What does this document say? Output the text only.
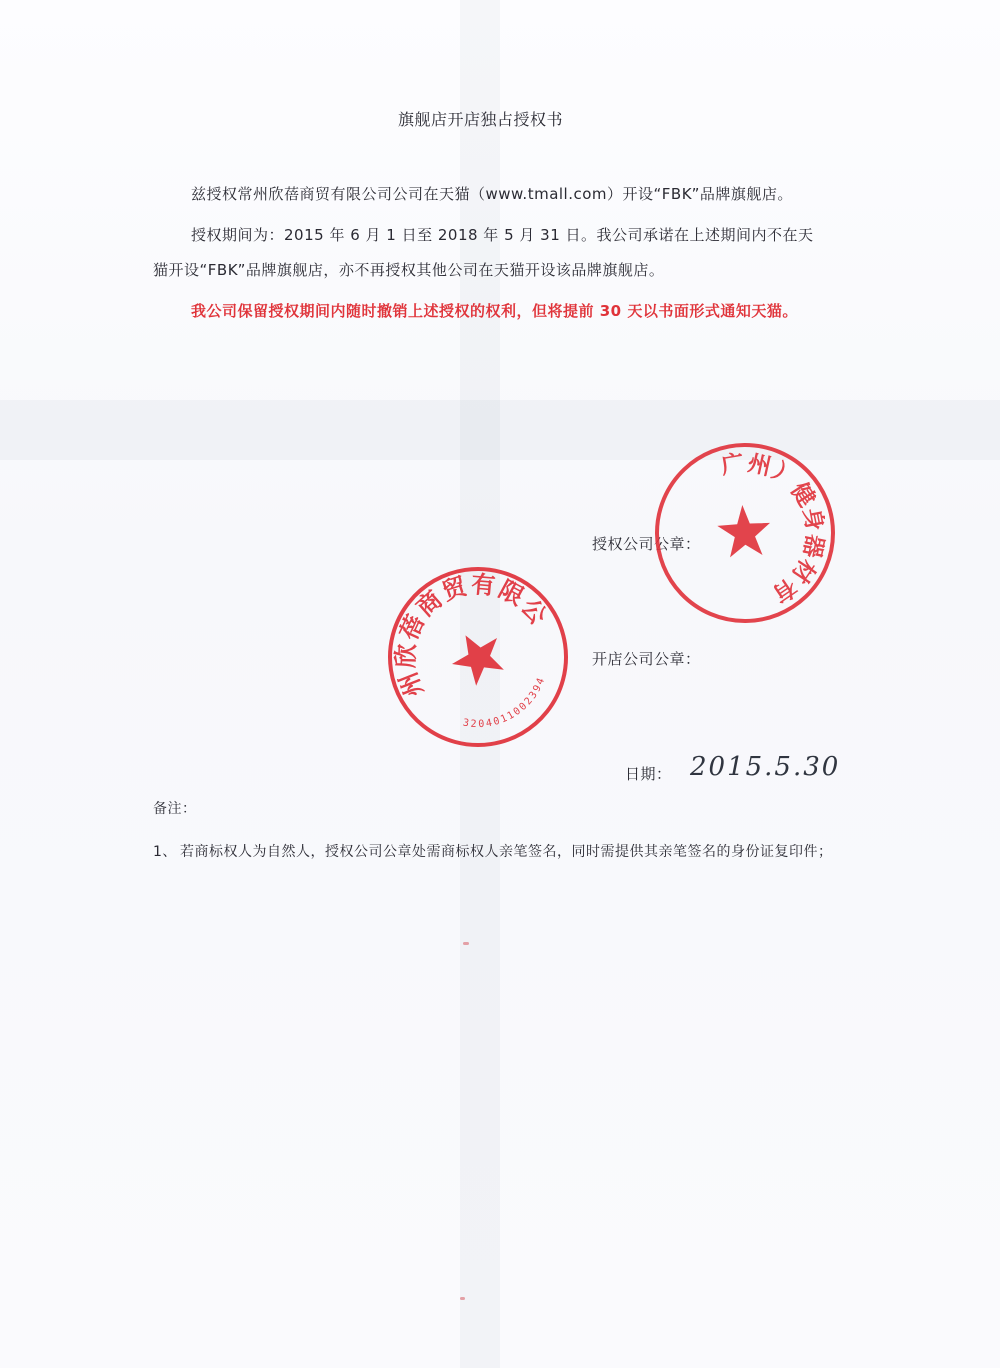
旗舰店开店独占授权书
兹授权常州欣蓓商贸有限公司公司在天猫（www.tmall.com）开设“FBK”品牌旗舰店。
授权期间为：2015 年 6 月 1 日至 2018 年 5 月 31 日。我公司承诺在上述期间内不在天
猫开设“FBK”品牌旗舰店，亦不再授权其他公司在天猫开设该品牌旗舰店。
我公司保留授权期间内随时撤销上述授权的权利，但将提前 30 天以书面形式通知天猫。
授权公司公章：
开店公司公章：
日期： 2015.5.30
备注：
1、 若商标权人为自然人，授权公司公章处需商标权人亲笔签名，同时需提供其亲笔签名的身份证复印件；
益佳（广州）健身器材有限公司
常州欣蓓商贸有限公司
3204011002394
